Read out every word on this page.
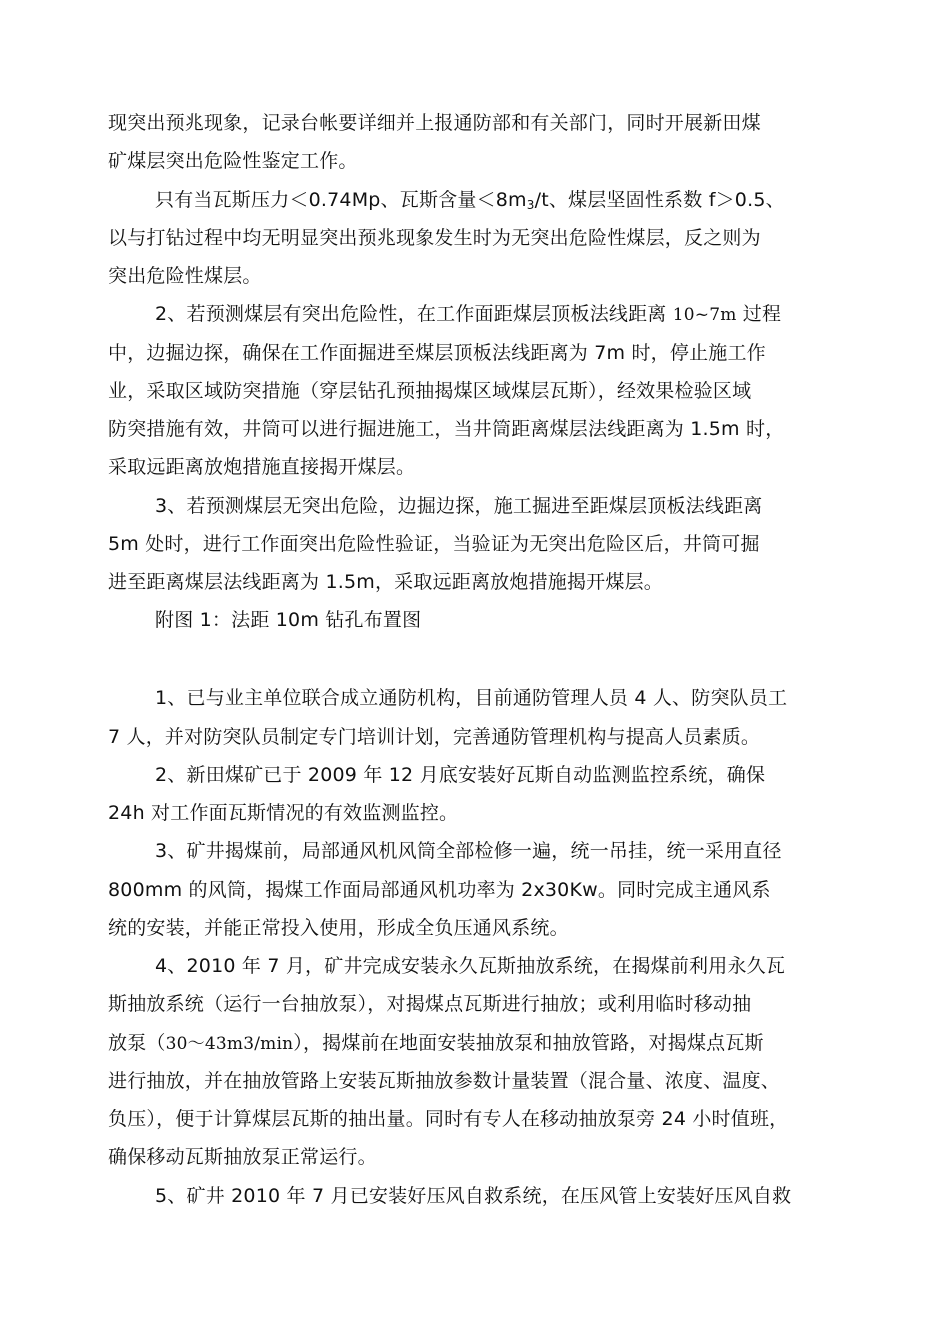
现突出预兆现象，记录台帐要详细并上报通防部和有关部门，同时开展新田煤

矿煤层突出危险性鉴定工作。

只有当瓦斯压力＜0.74Mp、瓦斯含量$<8m_3/t$、煤层坚固性系数 f＞0.5、

以与打钻过程中均无明显突出预兆现象发生时为无突出危险性煤层，反之则为

突出危险性煤层。

2、若预测煤层有突出危险性，在工作面距煤层顶板法线距离 10~7m 过程

中，边掘边探，确保在工作面掘进至煤层顶板法线距离为 7m 时，停止施工作

业，采取区域防突措施（穿层钻孔预抽揭煤区域煤层瓦斯），经效果检验区域

防突措施有效，井筒可以进行掘进施工，当井筒距离煤层法线距离为 1.5m 时，

采取远距离放炮措施直接揭开煤层。

3、若预测煤层无突出危险，边掘边探，施工掘进至距煤层顶板法线距离

5m 处时，进行工作面突出危险性验证，当验证为无突出危险区后，井筒可掘

进至距离煤层法线距离为 1.5m，采取远距离放炮措施揭开煤层。

附图 1：法距 10m 钻孔布置图

1、已与业主单位联合成立通防机构，目前通防管理人员 4 人、防突队员工

7 人，并对防突队员制定专门培训计划，完善通防管理机构与提高人员素质。

2、新田煤矿已于 2009 年 12 月底安装好瓦斯自动监测监控系统，确保

24h 对工作面瓦斯情况的有效监测监控。

3、矿井揭煤前，局部通风机风筒全部检修一遍，统一吊挂，统一采用直径

800mm 的风筒，揭煤工作面局部通风机功率为 2x30Kw。同时完成主通风系

统的安装，并能正常投入使用，形成全负压通风系统。

4、2010 年 7 月，矿井完成安装永久瓦斯抽放系统，在揭煤前利用永久瓦

斯抽放系统（运行一台抽放泵），对揭煤点瓦斯进行抽放；或利用临时移动抽

放泵（30～43m3/min），揭煤前在地面安装抽放泵和抽放管路，对揭煤点瓦斯

进行抽放，并在抽放管路上安装瓦斯抽放参数计量装置（混合量、浓度、温度、

负压），便于计算煤层瓦斯的抽出量。同时有专人在移动抽放泵旁 24 小时值班，

确保移动瓦斯抽放泵正常运行。

5、矿井 2010 年 7 月已安装好压风自救系统，在压风管上安装好压风自救
